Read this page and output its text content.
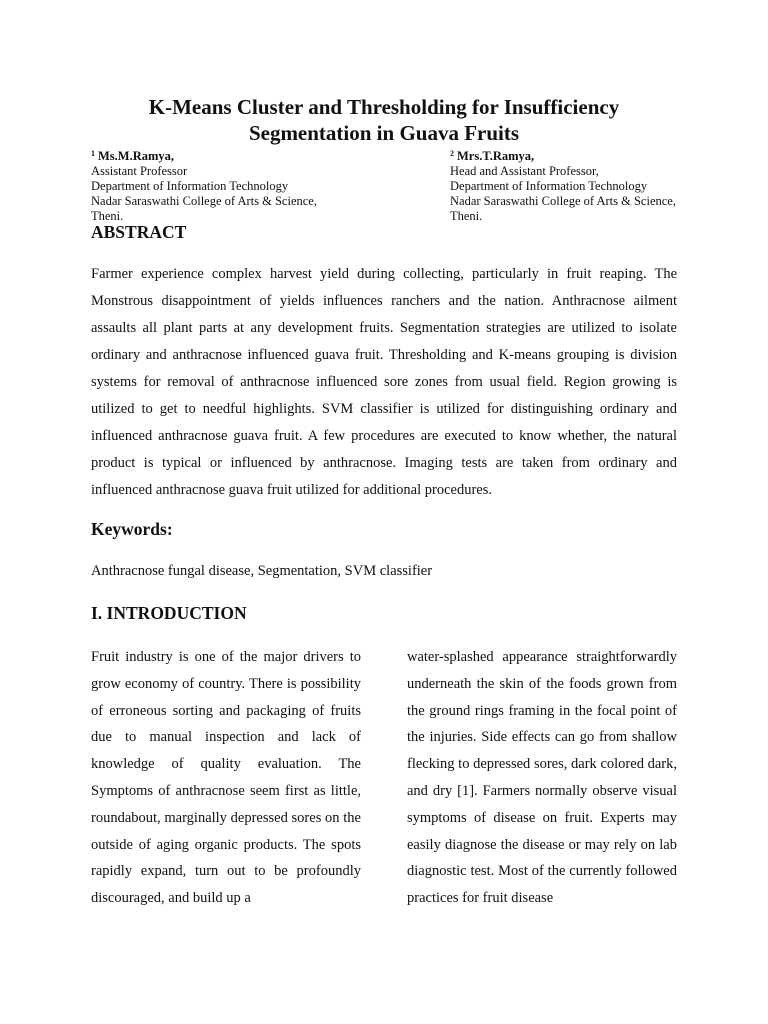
K-Means Cluster and Thresholding for Insufficiency
Segmentation in Guava Fruits
$^1$ Ms.M.Ramya,
Assistant Professor
Department of Information Technology
Nadar Saraswathi College of Arts & Science,
Theni.
$^2$ Mrs.T.Ramya,
Head and Assistant Professor,
Department of Information Technology
Nadar Saraswathi College of Arts & Science,
Theni.
ABSTRACT
Farmer experience complex harvest yield during collecting, particularly in fruit reaping. The Monstrous disappointment of yields influences ranchers and the nation. Anthracnose ailment assaults all plant parts at any development fruits. Segmentation strategies are utilized to isolate ordinary and anthracnose influenced guava fruit. Thresholding and K-means grouping is division systems for removal of anthracnose influenced sore zones from usual field. Region growing is utilized to get to needful highlights. SVM classifier is utilized for distinguishing ordinary and influenced anthracnose guava fruit. A few procedures are executed to know whether, the natural product is typical or influenced by anthracnose. Imaging tests are taken from ordinary and influenced anthracnose guava fruit utilized for additional procedures.
Keywords:
Anthracnose fungal disease, Segmentation, SVM classifier
I. INTRODUCTION
Fruit industry is one of the major drivers to grow economy of country. There is possibility of erroneous sorting and packaging of fruits due to manual inspection and lack of knowledge of quality evaluation. The Symptoms of anthracnose seem first as little, roundabout, marginally depressed sores on the outside of aging organic products. The spots rapidly expand, turn out to be profoundly discouraged, and build up a
water-splashed appearance straightforwardly underneath the skin of the foods grown from the ground rings framing in the focal point of the injuries. Side effects can go from shallow flecking to depressed sores, dark colored dark, and dry [1]. Farmers normally observe visual symptoms of disease on fruit. Experts may easily diagnose the disease or may rely on lab diagnostic test. Most of the currently followed practices for fruit disease
